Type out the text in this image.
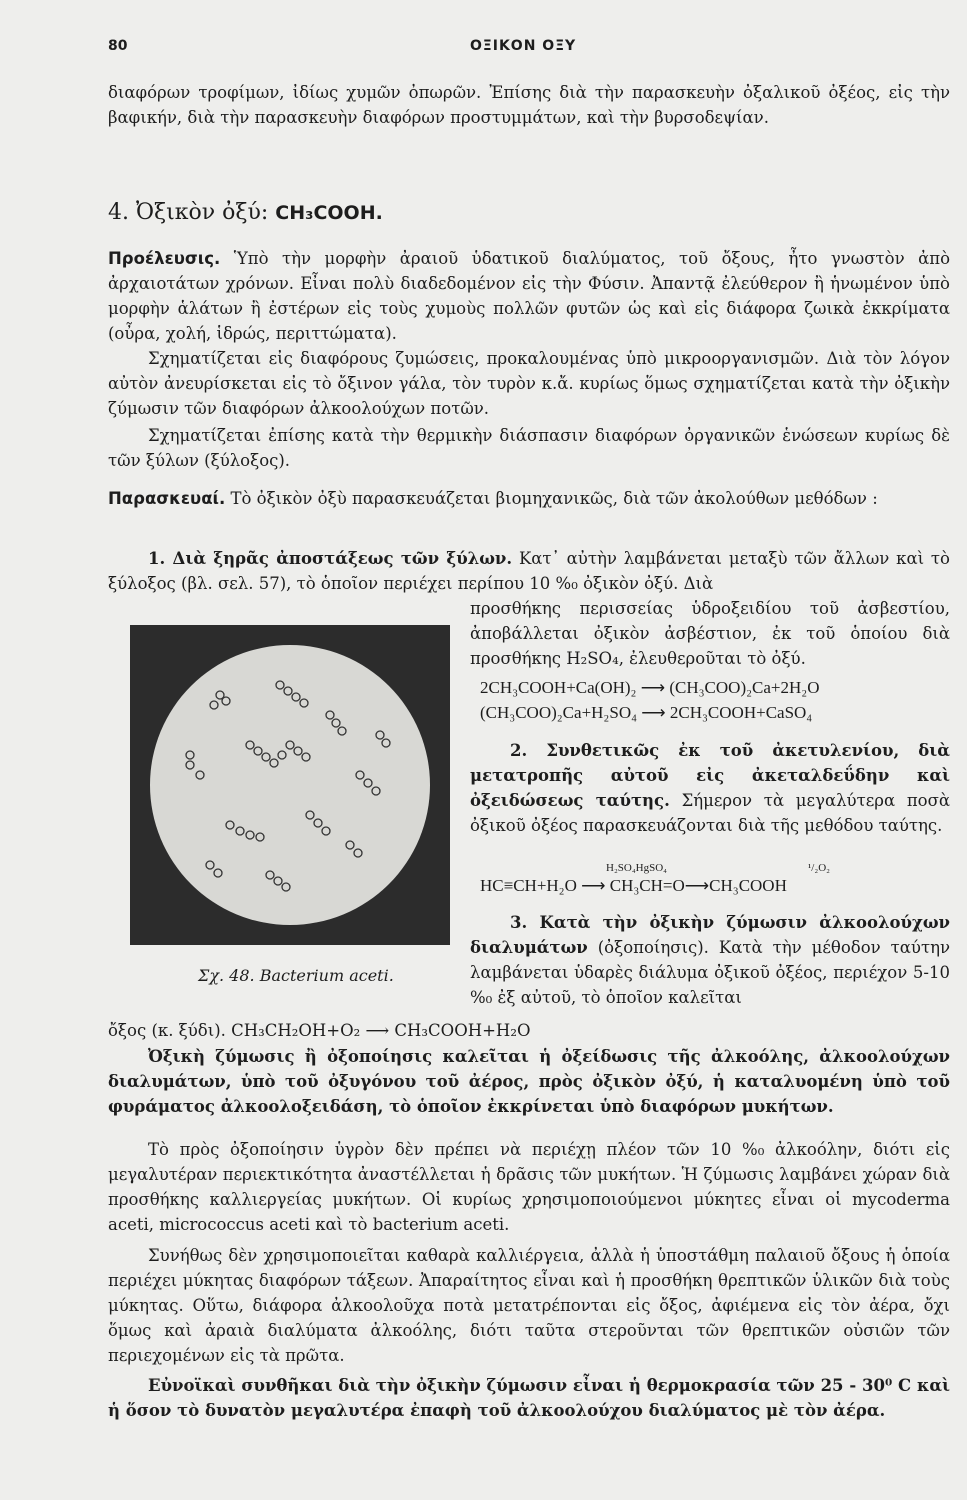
80	ΟΞΙΚΟΝ ΟΞΥ
διαφόρων τροφίμων, ἰδίως χυμῶν ὀπωρῶν. Ἐπίσης διὰ τὴν παρασκευὴν ὀξαλικοῦ ὀξέος, εἰς τὴν βαφικήν, διὰ τὴν παρασκευὴν διαφόρων προστυμμάτων, καὶ τὴν βυρσοδεψίαν.
4. Ὀξικὸν ὀξύ: CH₃COOH.
Προέλευσις. Ὑπὸ τὴν μορφὴν ἀραιοῦ ὑδατικοῦ διαλύματος, τοῦ ὄξους, ἦτο γνωστὸν ἀπὸ ἀρχαιοτάτων χρόνων. Εἶναι πολὺ διαδεδομένον εἰς τὴν Φύσιν. Ἀπαντᾷ ἐλεύθερον ἢ ἡνωμένον ὑπὸ μορφὴν ἁλάτων ἢ ἐστέρων εἰς τοὺς χυμοὺς πολλῶν φυτῶν ὡς καὶ εἰς διάφορα ζωικὰ ἐκκρίματα (οὖρα, χολή, ἱδρώς, περιττώματα).
Σχηματίζεται εἰς διαφόρους ζυμώσεις, προκαλουμένας ὑπὸ μικροοργανισμῶν. Διὰ τὸν λόγον αὐτὸν ἀνευρίσκεται εἰς τὸ ὄξινον γάλα, τὸν τυρὸν κ.ἄ. κυρίως ὅμως σχηματίζεται κατὰ τὴν ὀξικὴν ζύμωσιν τῶν διαφόρων ἀλκοολούχων ποτῶν.
Σχηματίζεται ἐπίσης κατὰ τὴν θερμικὴν διάσπασιν διαφόρων ὀργανικῶν ἑνώσεων κυρίως δὲ τῶν ξύλων (ξύλοξος).
Παρασκευαί. Τὸ ὀξικὸν ὀξὺ παρασκευάζεται βιομηχανικῶς, διὰ τῶν ἀκολούθων μεθόδων :
1. Διὰ ξηρᾶς ἀποστάξεως τῶν ξύλων. Κατ᾽ αὐτὴν λαμβάνεται μεταξὺ τῶν ἄλλων καὶ τὸ ξύλοξος (βλ. σελ. 57), τὸ ὁποῖον περιέχει περίπου 10 %₀ ὀξικὸν ὀξύ. Διὰ
Σχ. 48. Bacterium aceti.
προσθήκης περισσείας ὑδροξειδίου τοῦ ἀσβεστίου, ἀποβάλλεται ὀξικὸν ἀσβέστιον, ἐκ τοῦ ὁποίου διὰ προσθήκης H₂SO₄, ἐλευθεροῦται τὸ ὀξύ.
2CH₃COOH+Ca(OH)₂ ⟶ (CH₃COO)₂Ca+2H₂O
(CH₃COO)₂Ca+H₂SO₄ ⟶ 2CH₃COOH+CaSO₄
2. Συνθετικῶς ἐκ τοῦ ἀκετυλενίου, διὰ μετατροπῆς αὐτοῦ εἰς ἀκεταλδεΰδην καὶ ὀξειδώσεως ταύτης. Σήμερον τὰ μεγαλύτερα ποσὰ ὀξικοῦ ὀξέος παρασκευάζονται διὰ τῆς μεθόδου ταύτης.
H₂SO₄HgSO₄	¹/₂O₂
HC≡CH+H₂O ⟶ CH₃CH=O⟶CH₃COOH
3. Κατὰ τὴν ὀξικὴν ζύμωσιν ἀλκοολούχων διαλυμάτων (ὀξοποίησις). Κατὰ τὴν μέθοδον ταύτην λαμβάνεται ὑδαρὲς διάλυμα ὀξικοῦ ὀξέος, περιέχον 5-10 %₀ ἐξ αὐτοῦ, τὸ ὁποῖον καλεῖται
ὄξος (κ. ξύδι). CH₃CH₂OH+O₂ ⟶ CH₃COOH+H₂O
Ὀξικὴ ζύμωσις ἢ ὀξοποίησις καλεῖται ἡ ὀξείδωσις τῆς ἀλκοόλης, ἀλκοολούχων διαλυμάτων, ὑπὸ τοῦ ὀξυγόνου τοῦ ἀέρος, πρὸς ὀξικὸν ὀξύ, ἡ καταλυομένη ὑπὸ τοῦ φυράματος ἀλκοολοξειδάση, τὸ ὁποῖον ἐκκρίνεται ὑπὸ διαφόρων μυκήτων.
Τὸ πρὸς ὀξοποίησιν ὑγρὸν δὲν πρέπει νὰ περιέχῃ πλέον τῶν 10 %₀ ἀλκοόλην, διότι εἰς μεγαλυτέραν περιεκτικότητα ἀναστέλλεται ἡ δρᾶσις τῶν μυκήτων. Ἡ ζύμωσις λαμβάνει χώραν διὰ προσθήκης καλλιεργείας μυκήτων. Οἱ κυρίως χρησιμοποιούμενοι μύκητες εἶναι οἱ mycoderma aceti, micrococcus aceti καὶ τὸ bacterium aceti.
Συνήθως δὲν χρησιμοποιεῖται καθαρὰ καλλιέργεια, ἀλλὰ ἡ ὑποστάθμη παλαιοῦ ὄξους ἡ ὁποία περιέχει μύκητας διαφόρων τάξεων. Ἀπαραίτητος εἶναι καὶ ἡ προσθήκη θρεπτικῶν ὑλικῶν διὰ τοὺς μύκητας. Οὕτω, διάφορα ἀλκοολοῦχα ποτὰ μετατρέπονται εἰς ὄξος, ἀφιέμενα εἰς τὸν ἀέρα, ὄχι ὅμως καὶ ἀραιὰ διαλύματα ἀλκοόλης, διότι ταῦτα στεροῦνται τῶν θρεπτικῶν οὐσιῶν τῶν περιεχομένων εἰς τὰ πρῶτα.
Εὐνοϊκαὶ συνθῆκαι διὰ τὴν ὀξικὴν ζύμωσιν εἶναι ἡ θερμοκρασία τῶν 25 - 30⁰ C καὶ ἡ ὅσον τὸ δυνατὸν μεγαλυτέρα ἐπαφὴ τοῦ ἀλκοολούχου διαλύματος μὲ τὸν ἀέρα.
